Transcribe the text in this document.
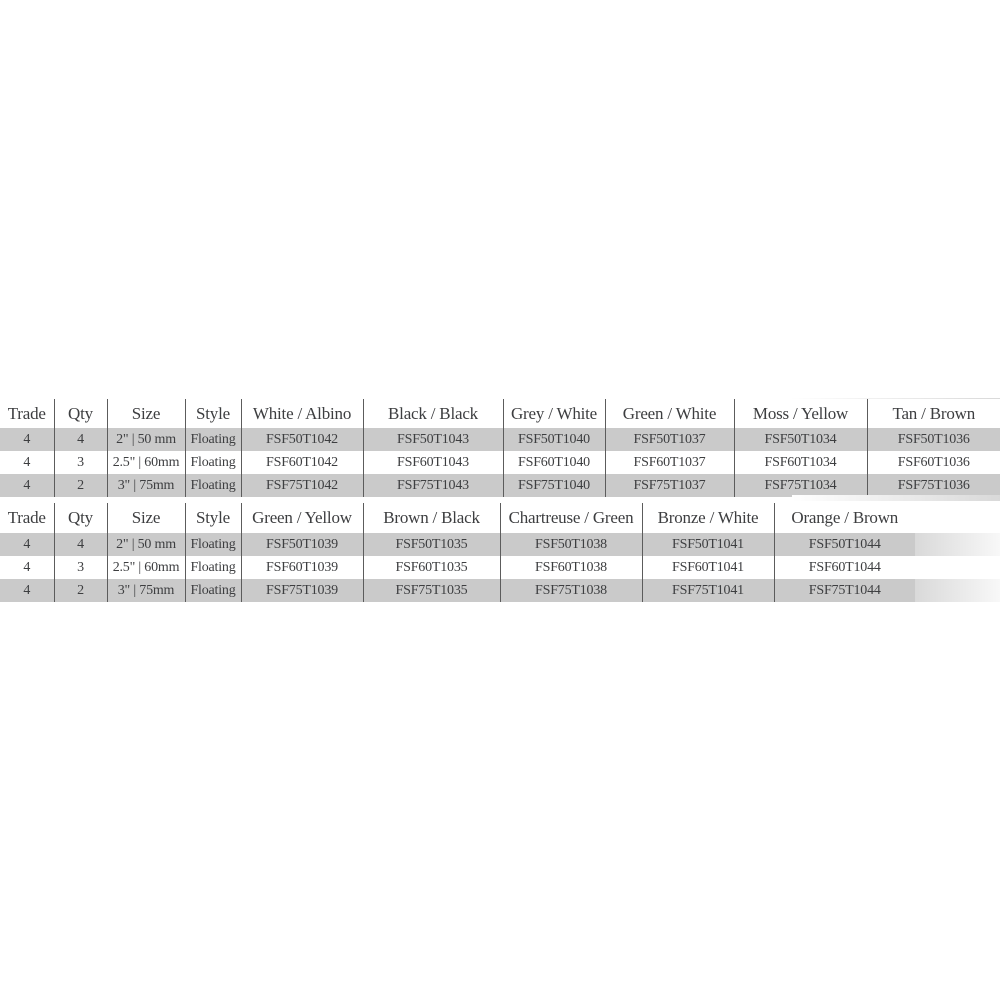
Trade	Qty	Size	Style	White / Albino	Black / Black	Grey / White	Green / White	Moss / Yellow	Tan / Brown
4	4	2" | 50 mm	Floating	FSF50T1042	FSF50T1043	FSF50T1040	FSF50T1037	FSF50T1034	FSF50T1036
4	3	2.5" | 60mm	Floating	FSF60T1042	FSF60T1043	FSF60T1040	FSF60T1037	FSF60T1034	FSF60T1036
4	2	3" | 75mm	Floating	FSF75T1042	FSF75T1043	FSF75T1040	FSF75T1037	FSF75T1034	FSF75T1036
Trade	Qty	Size	Style	Green / Yellow	Brown / Black	Chartreuse / Green	Bronze / White	Orange / Brown
4	4	2" | 50 mm	Floating	FSF50T1039	FSF50T1035	FSF50T1038	FSF50T1041	FSF50T1044
4	3	2.5" | 60mm	Floating	FSF60T1039	FSF60T1035	FSF60T1038	FSF60T1041	FSF60T1044
4	2	3" | 75mm	Floating	FSF75T1039	FSF75T1035	FSF75T1038	FSF75T1041	FSF75T1044
